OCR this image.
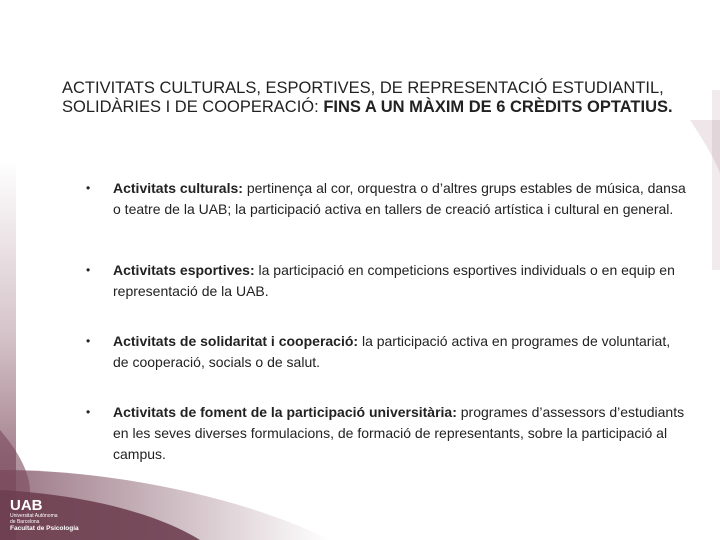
ACTIVITATS CULTURALS, ESPORTIVES, DE REPRESENTACIÓ ESTUDIANTIL, SOLIDÀRIES I DE COOPERACIÓ: FINS A UN MÀXIM DE 6 CRÈDITS OPTATIUS.
• Activitats culturals: pertinença al cor, orquestra o d’altres grups estables de música, dansa o teatre de la UAB; la participació activa en tallers de creació artística i cultural en general.
• Activitats esportives: la participació en competicions esportives individuals o en equip en representació de la UAB.
• Activitats de solidaritat i cooperació: la participació activa en programes de voluntariat, de cooperació, socials o de salut.
• Activitats de foment de la participació universitària: programes d’assessors d’estudiants en les seves diverses formulacions, de formació de representants, sobre la participació al campus.
UAB
Universitat Autònoma
de Barcelona
Facultat de Psicologia
